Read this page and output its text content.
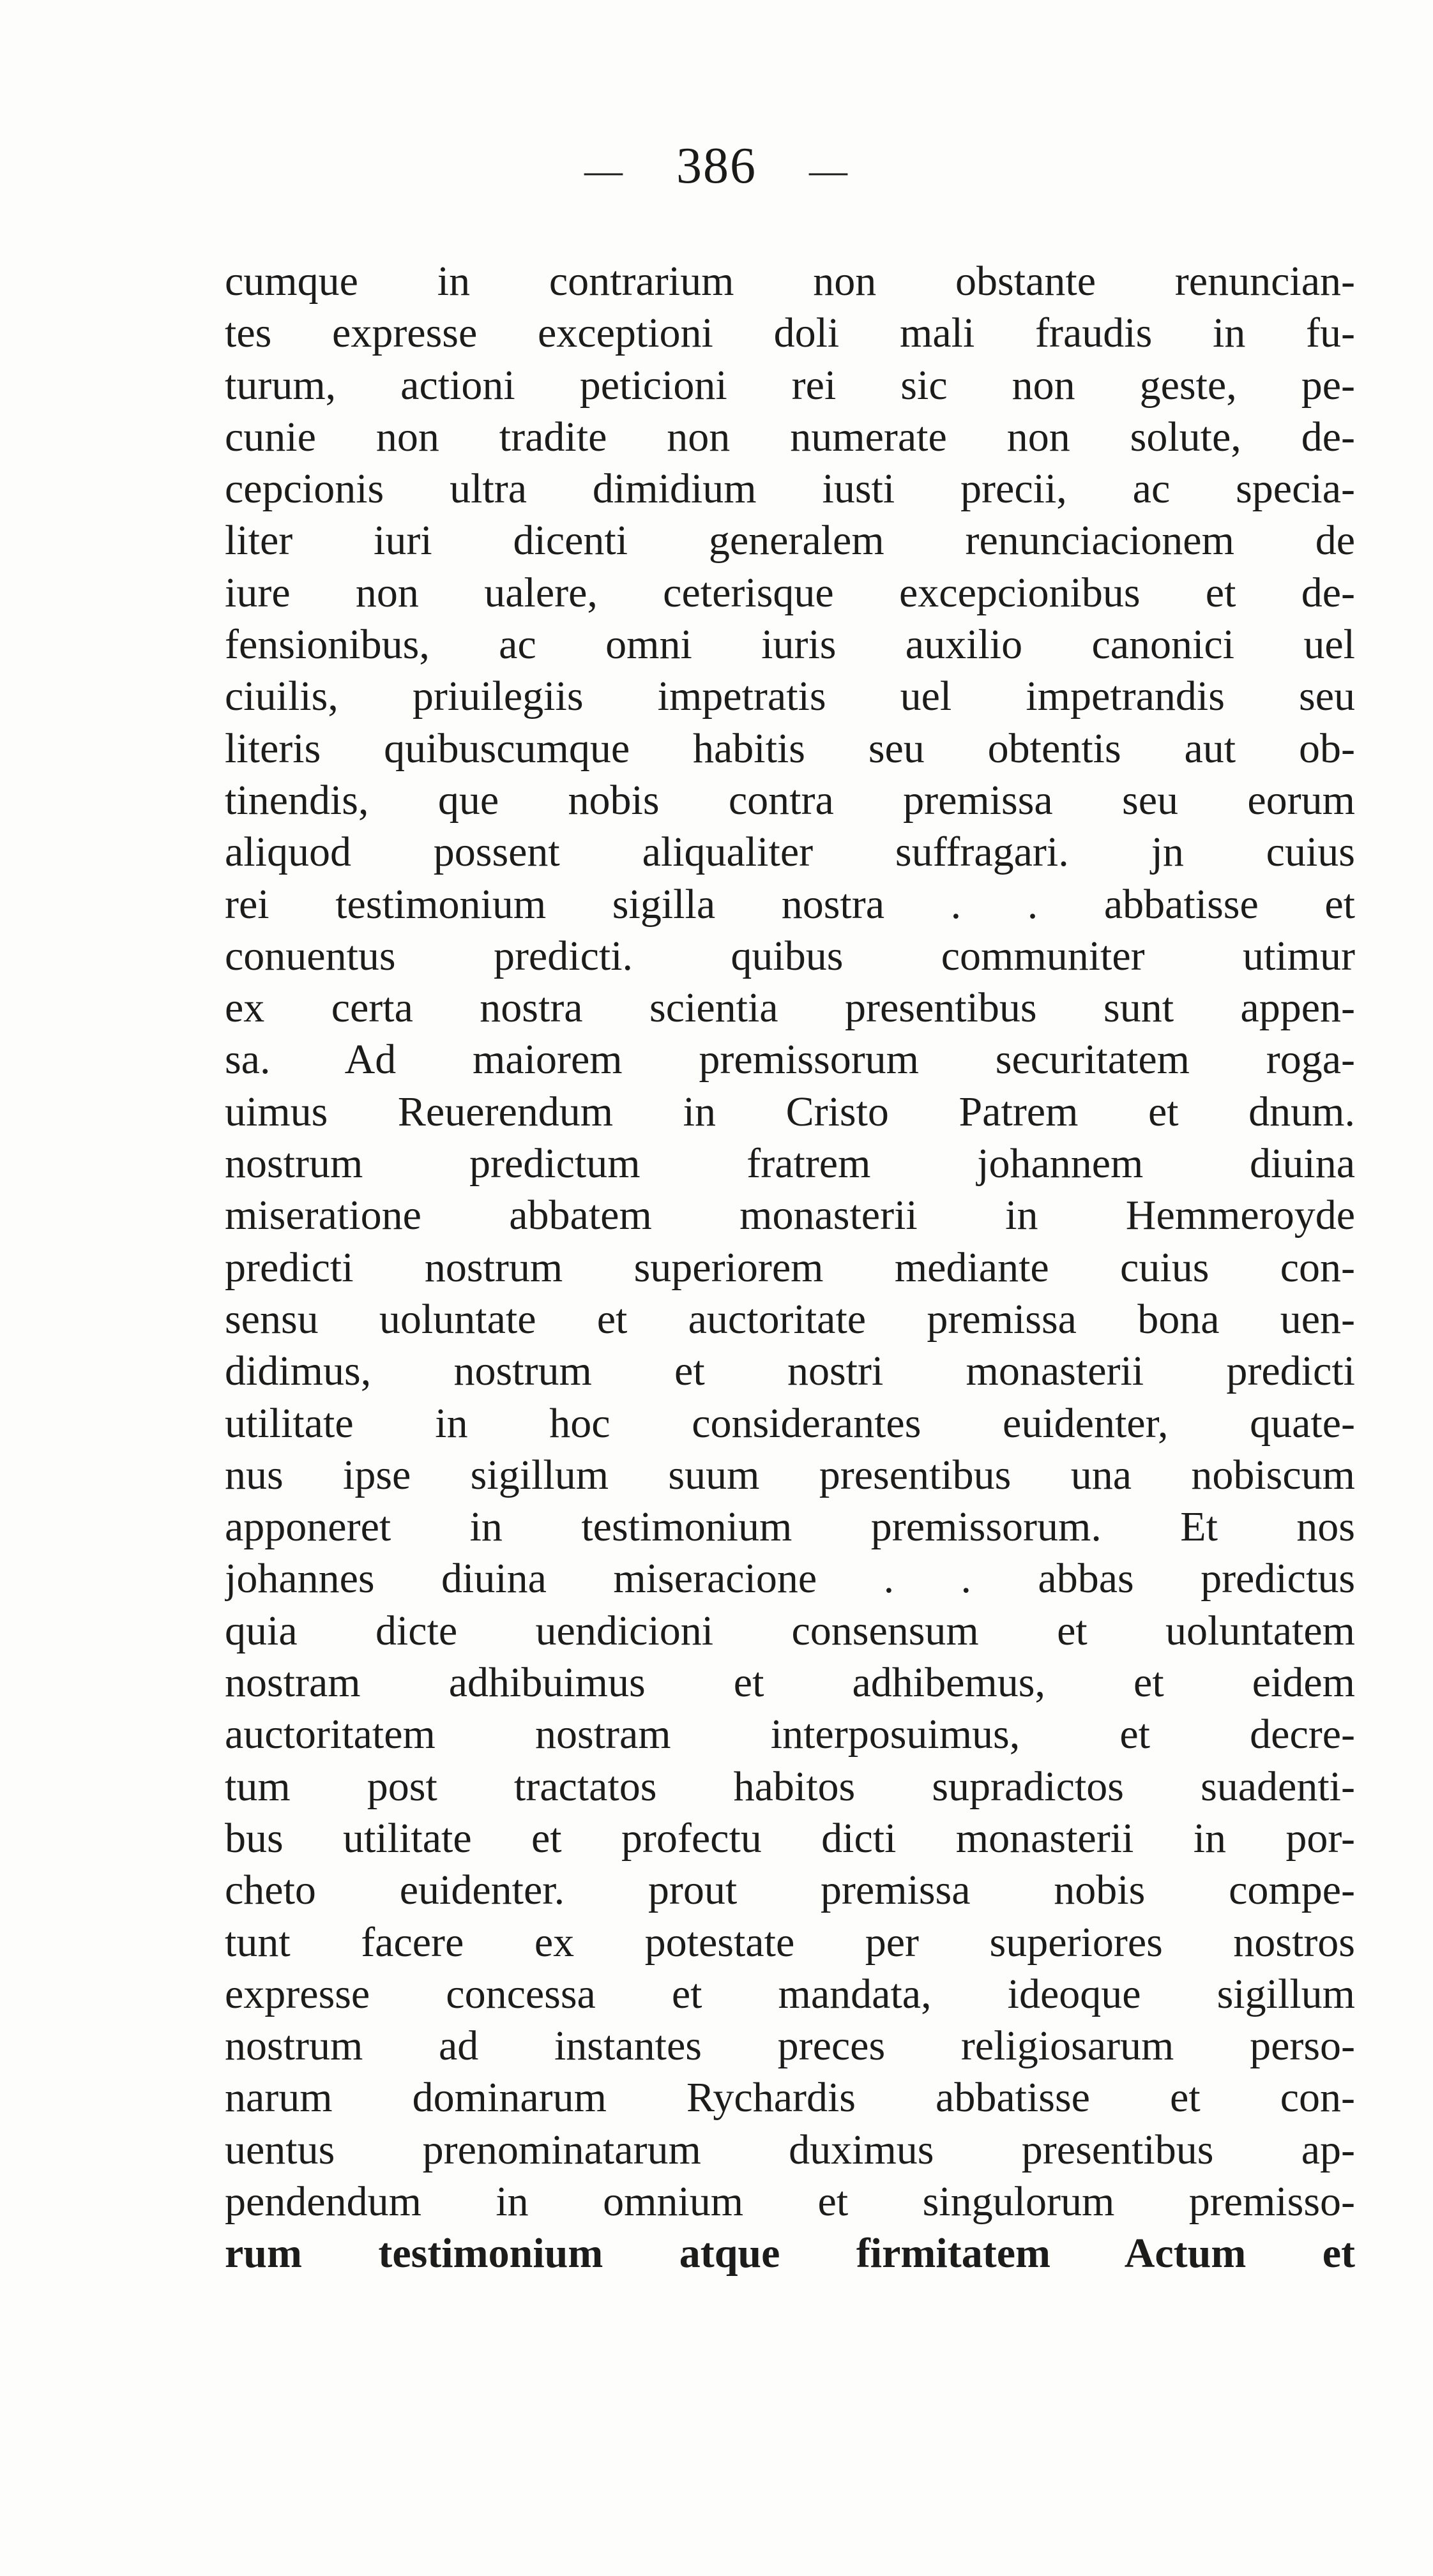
— 386 —
cumque in contrarium non obstante renuncian-
tes expresse exceptioni doli mali fraudis in fu-
turum, actioni peticioni rei sic non geste, pe-
cunie non tradite non numerate non solute, de-
cepcionis ultra dimidium iusti precii, ac specia-
liter iuri dicenti generalem renunciacionem de
iure non ualere, ceterisque excepcionibus et de-
fensionibus, ac omni iuris auxilio canonici uel
ciuilis, priuilegiis impetratis uel impetrandis seu
literis quibuscumque habitis seu obtentis aut ob-
tinendis, que nobis contra premissa seu eorum
aliquod possent aliqualiter suffragari. jn cuius
rei testimonium sigilla nostra . . abbatisse et
conuentus predicti. quibus communiter utimur
ex certa nostra scientia presentibus sunt appen-
sa. Ad maiorem premissorum securitatem roga-
uimus Reuerendum in Cristo Patrem et dnum.
nostrum predictum fratrem johannem diuina
miseratione abbatem monasterii in Hemmeroyde
predicti nostrum superiorem mediante cuius con-
sensu uoluntate et auctoritate premissa bona uen-
didimus, nostrum et nostri monasterii predicti
utilitate in hoc considerantes euidenter, quate-
nus ipse sigillum suum presentibus una nobiscum
apponeret in testimonium premissorum. Et nos
johannes diuina miseracione . . abbas predictus
quia dicte uendicioni consensum et uoluntatem
nostram adhibuimus et adhibemus, et eidem
auctoritatem nostram interposuimus, et decre-
tum post tractatos habitos supradictos suadenti-
bus utilitate et profectu dicti monasterii in por-
cheto euidenter. prout premissa nobis compe-
tunt facere ex potestate per superiores nostros
expresse concessa et mandata, ideoque sigillum
nostrum ad instantes preces religiosarum perso-
narum dominarum Rychardis abbatisse et con-
uentus prenominatarum duximus presentibus ap-
pendendum in omnium et singulorum premisso-
rum testimonium atque firmitatem Actum et
